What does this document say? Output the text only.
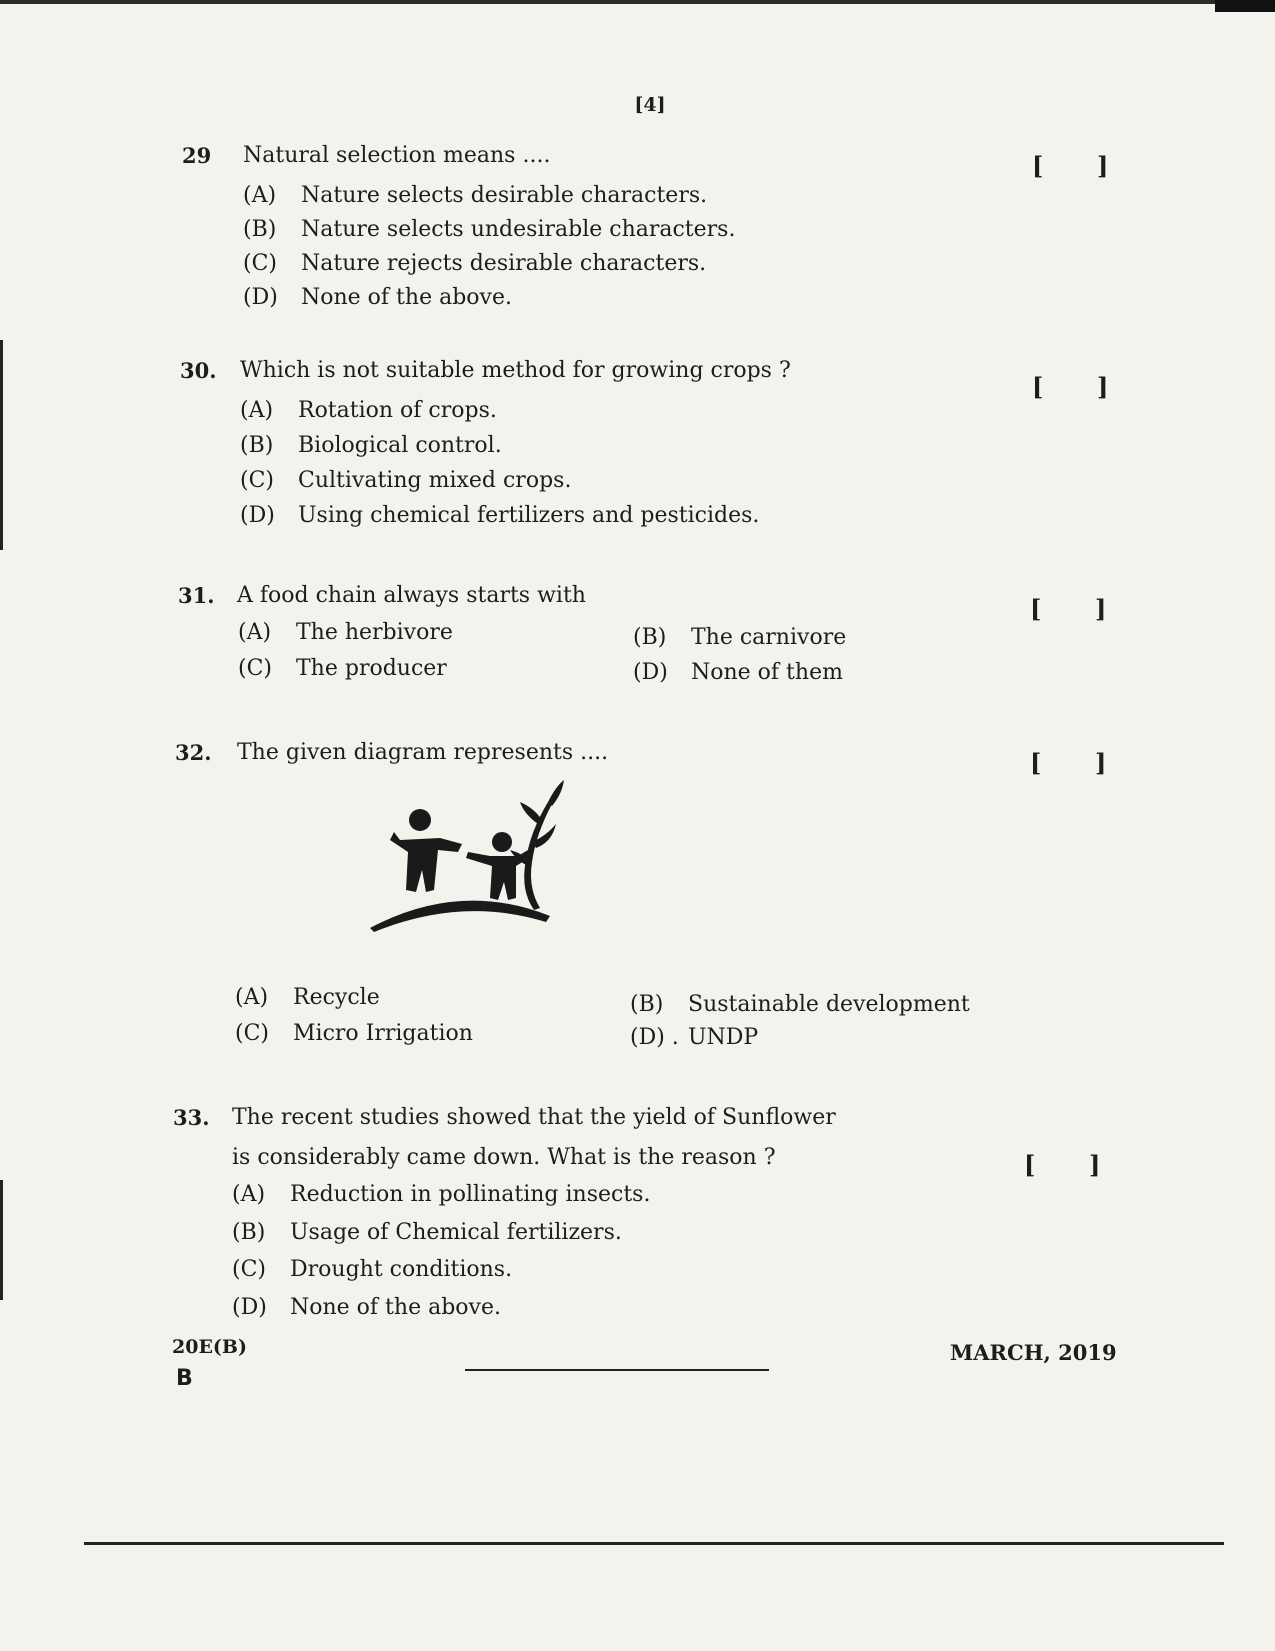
[4]
29 Natural selection means ....	[ ]
(A) Nature selects desirable characters.
(B) Nature selects undesirable characters.
(C) Nature rejects desirable characters.
(D) None of the above.
30. Which is not suitable method for growing crops ?
[ ]
(A) Rotation of crops.
(B) Biological control.
(C) Cultivating mixed crops.
(D) Using chemical fertilizers and pesticides.
31. A food chain always starts with	[ ]
(A) The herbivore	(B) The carnivore
(C) The producer	(D) None of them
32. The given diagram represents ....	[ ]
(A) Recycle	(B) Sustainable development
(C) Micro Irrigation	(D) . UNDP
33. The recent studies showed that the yield of Sunflower
is considerably came down. What is the reason ?	[ ]
(A) Reduction in pollinating insects.
(B) Usage of Chemical fertilizers.
(C) Drought conditions.
(D) None of the above.
20E(B)
B
MARCH, 2019
